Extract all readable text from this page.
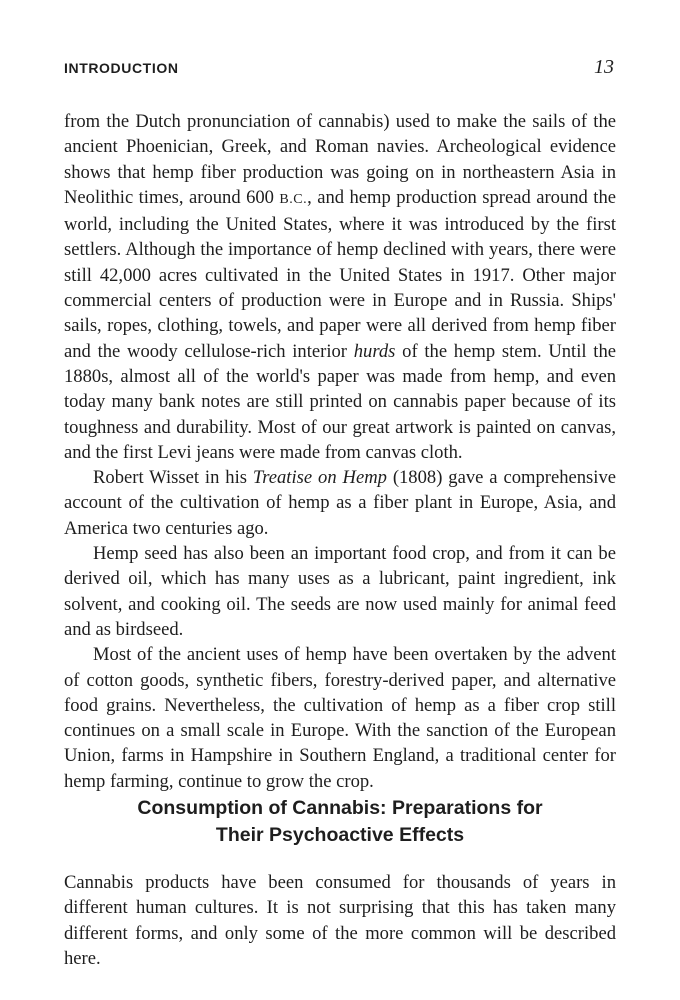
INTRODUCTION	13

from the Dutch pronunciation of cannabis) used to make the sails of the ancient Phoenician, Greek, and Roman navies. Archeological evidence shows that hemp fiber production was going on in northeastern Asia in Neolithic times, around 600 B.C., and hemp production spread around the world, including the United States, where it was introduced by the first settlers. Although the importance of hemp declined with years, there were still 42,000 acres cultivated in the United States in 1917. Other major commercial centers of production were in Europe and in Russia. Ships' sails, ropes, clothing, towels, and paper were all derived from hemp fiber and the woody cellulose-rich interior hurds of the hemp stem. Until the 1880s, almost all of the world's paper was made from hemp, and even today many bank notes are still printed on cannabis paper because of its toughness and durability. Most of our great artwork is painted on canvas, and the first Levi jeans were made from canvas cloth.

Robert Wisset in his Treatise on Hemp (1808) gave a comprehensive account of the cultivation of hemp as a fiber plant in Europe, Asia, and America two centuries ago.

Hemp seed has also been an important food crop, and from it can be derived oil, which has many uses as a lubricant, paint ingredient, ink solvent, and cooking oil. The seeds are now used mainly for animal feed and as birdseed.

Most of the ancient uses of hemp have been overtaken by the advent of cotton goods, synthetic fibers, forestry-derived paper, and alternative food grains. Nevertheless, the cultivation of hemp as a fiber crop still continues on a small scale in Europe. With the sanction of the European Union, farms in Hampshire in Southern England, a traditional center for hemp farming, continue to grow the crop.

Consumption of Cannabis: Preparations for
Their Psychoactive Effects

Cannabis products have been consumed for thousands of years in different human cultures. It is not surprising that this has taken many different forms, and only some of the more common will be described here.
